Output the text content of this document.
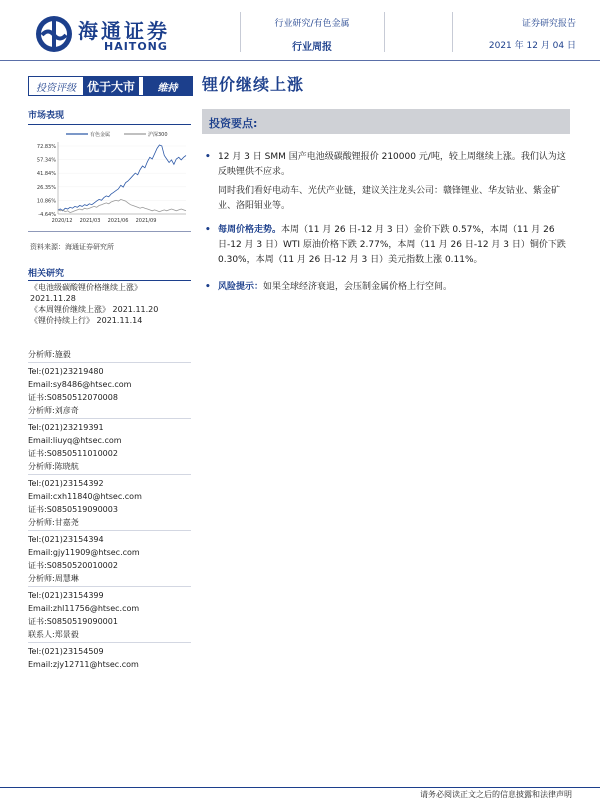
海通证券
HAITONG
行业研究/有色金属
行业周报
证券研究报告
2021 年 12 月 04 日
投资评级 优于大市	维持	锂价继续上涨
市场表现
有色金属	沪深300
-4.64%
10.86%
26.35%
41.84%
57.34%
72.83%
2020/12 2021/03 2021/06 2021/09
资料来源：海通证券研究所
相关研究
《电池级碳酸锂价格继续上涨》
2021.11.28
《本周锂价继续上涨》 2021.11.20
《锂价持续上行》 2021.11.14
分析师:施毅
Tel:(021)23219480
Email:sy8486@htsec.com
证书:S0850512070008
分析师:刘彦奇
Tel:(021)23219391
Email:liuyq@htsec.com
证书:S0850511010002
分析师:陈晓航
Tel:(021)23154392
Email:cxh11840@htsec.com
证书:S0850519090003
分析师:甘嘉尧
Tel:(021)23154394
Email:gjy11909@htsec.com
证书:S0850520010002
分析师:周慧琳
Tel:(021)23154399
Email:zhl11756@htsec.com
证书:S0850519090001
联系人:郑景毅
Tel:(021)23154509
Email:zjy12711@htsec.com
投资要点:
• 12 月 3 日 SMM 国产电池级碳酸锂报价 210000 元/吨，较上周继续上涨。我们认为这反映锂供不应求。
同时我们看好电动车、光伏产业链，建议关注龙头公司：赣锋锂业、华友钴业、紫金矿业、洛阳钼业等。
• 每周价格走势。本周（11 月 26 日-12 月 3 日）金价下跌 0.57%，本周（11 月 26 日-12 月 3 日）WTI 原油价格下跌 2.77%，本周（11 月 26 日-12 月 3 日）铜价下跌 0.30%，本周（11 月 26 日-12 月 3 日）美元指数上涨 0.11%。
• 风险提示：如果全球经济衰退，会压制金属价格上行空间。
请务必阅读正文之后的信息披露和法律声明
